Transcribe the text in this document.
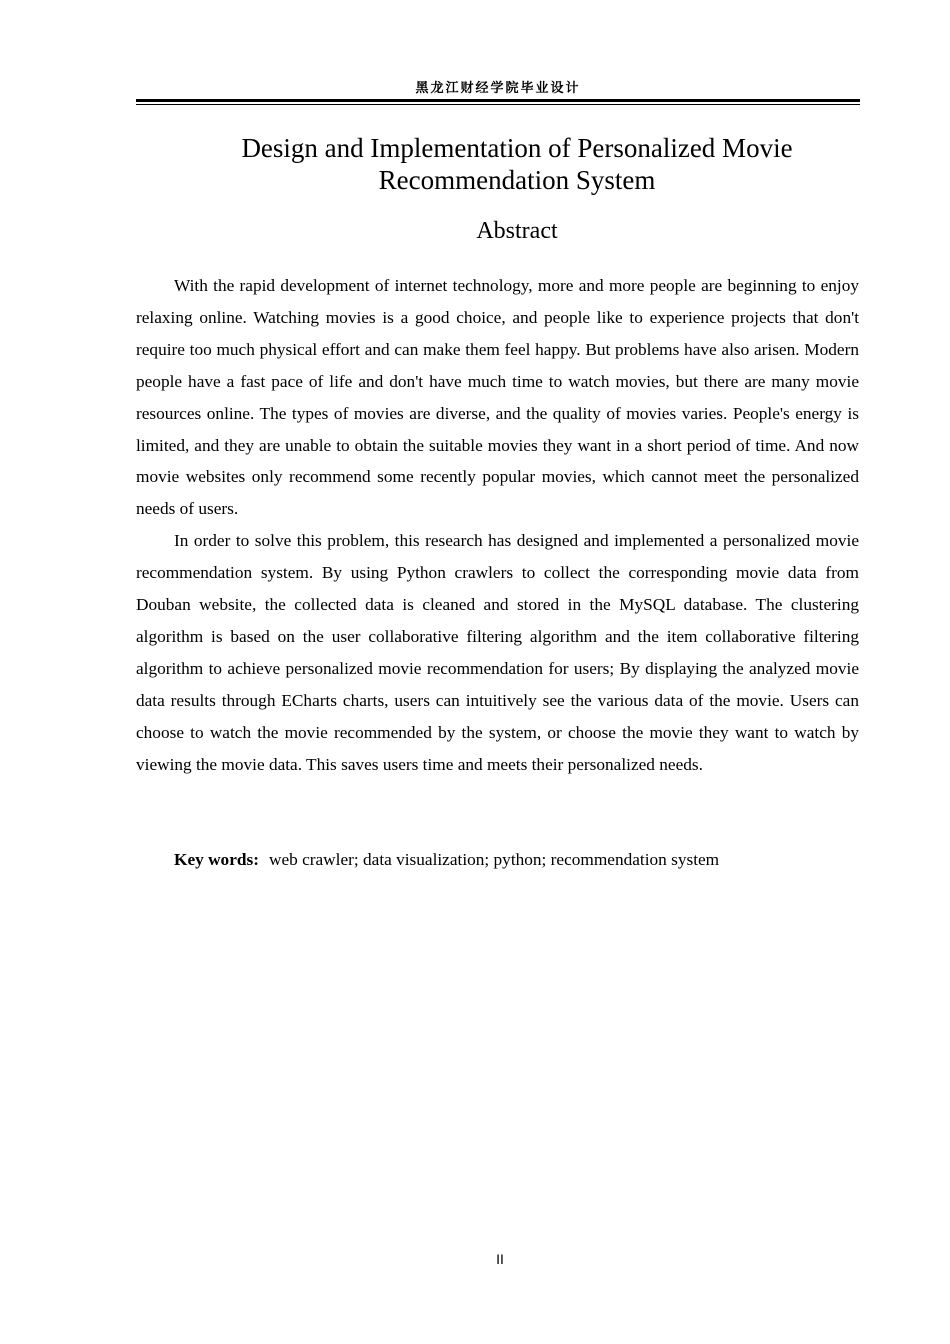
黑龙江财经学院毕业设计
Design and Implementation of Personalized Movie
Recommendation System
Abstract

With the rapid development of internet technology, more and more people are beginning to enjoy relaxing online. Watching movies is a good choice, and people like to experience projects that don't require too much physical effort and can make them feel happy. But problems have also arisen. Modern people have a fast pace of life and don't have much time to watch movies, but there are many movie resources online. The types of movies are diverse, and the quality of movies varies. People's energy is limited, and they are unable to obtain the suitable movies they want in a short period of time. And now movie websites only recommend some recently popular movies, which cannot meet the personalized needs of users.

In order to solve this problem, this research has designed and implemented a personalized movie recommendation system. By using Python crawlers to collect the corresponding movie data from Douban website, the collected data is cleaned and stored in the MySQL database. The clustering algorithm is based on the user collaborative filtering algorithm and the item collaborative filtering algorithm to achieve personalized movie recommendation for users; By displaying the analyzed movie data results through ECharts charts, users can intuitively see the various data of the movie. Users can choose to watch the movie recommended by the system, or choose the movie they want to watch by viewing the movie data. This saves users time and meets their personalized needs.

Key words: web crawler; data visualization; python; recommendation system
II
